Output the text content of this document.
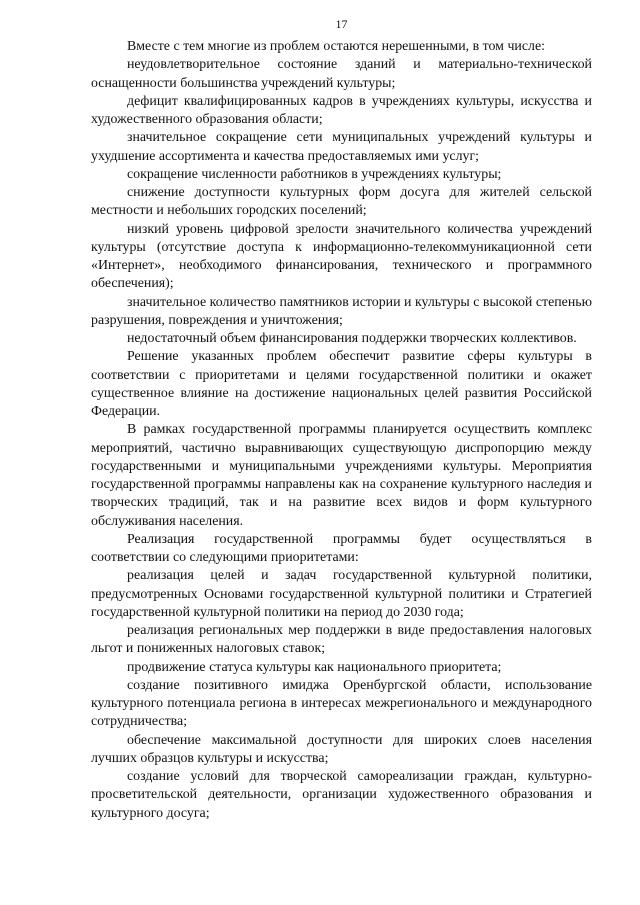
17

Вместе с тем многие из проблем остаются нерешенными, в том числе:

неудовлетворительное состояние зданий и материально-технической оснащенности большинства учреждений культуры;

дефицит квалифицированных кадров в учреждениях культуры, искусства и художественного образования области;

значительное сокращение сети муниципальных учреждений культуры и ухудшение ассортимента и качества предоставляемых ими услуг;

сокращение численности работников в учреждениях культуры;

снижение доступности культурных форм досуга для жителей сельской местности и небольших городских поселений;

низкий уровень цифровой зрелости значительного количества учреждений культуры (отсутствие доступа к информационно-телекоммуникационной сети «Интернет», необходимого финансирования, технического и программного обеспечения);

значительное количество памятников истории и культуры с высокой степенью разрушения, повреждения и уничтожения;

недостаточный объем финансирования поддержки творческих коллективов.

Решение указанных проблем обеспечит развитие сферы культуры в соответствии с приоритетами и целями государственной политики и окажет существенное влияние на достижение национальных целей развития Российской Федерации.

В рамках государственной программы планируется осуществить комплекс мероприятий, частично выравнивающих существующую диспропорцию между государственными и муниципальными учреждениями культуры. Мероприятия государственной программы направлены как на сохранение культурного наследия и творческих традиций, так и на развитие всех видов и форм культурного обслуживания населения.

Реализация государственной программы будет осуществляться в соответствии со следующими приоритетами:

реализация целей и задач государственной культурной политики, предусмотренных Основами государственной культурной политики и Стратегией государственной культурной политики на период до 2030 года;

реализация региональных мер поддержки в виде предоставления налоговых льгот и пониженных налоговых ставок;

продвижение статуса культуры как национального приоритета;

создание позитивного имиджа Оренбургской области, использование культурного потенциала региона в интересах межрегионального и международного сотрудничества;

обеспечение максимальной доступности для широких слоев населения лучших образцов культуры и искусства;

создание условий для творческой самореализации граждан, культурно-просветительской деятельности, организации художественного образования и культурного досуга;
